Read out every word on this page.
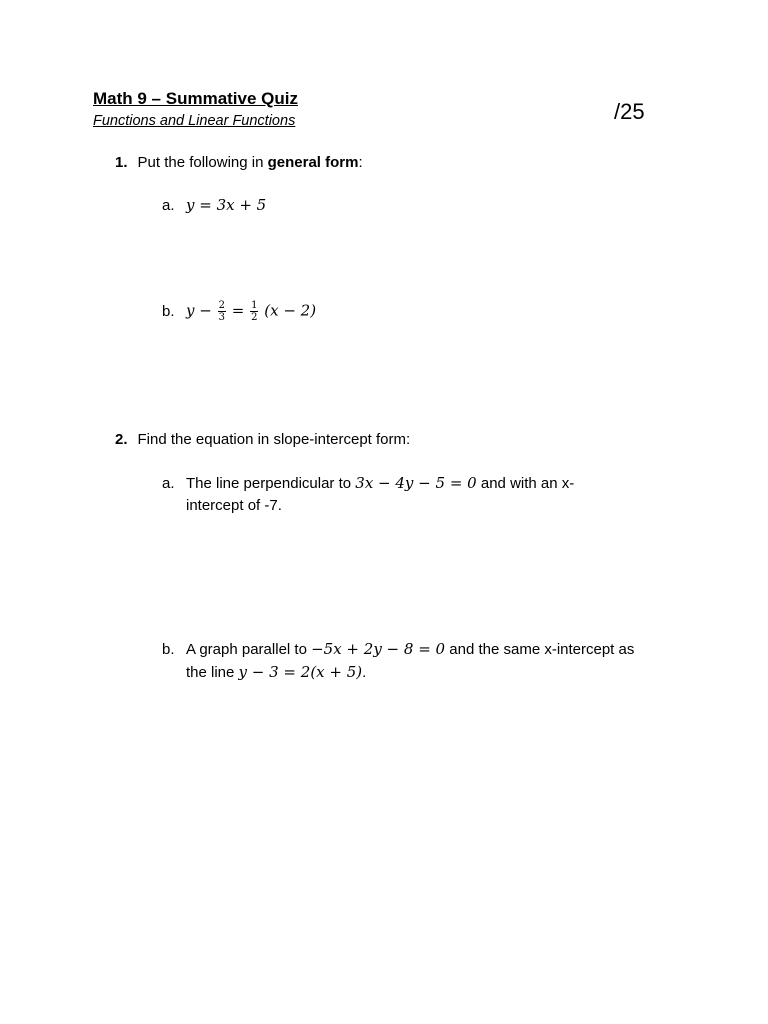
Math 9 – Summative Quiz
Functions and Linear Functions	/25
1. Put the following in general form:
a. y = 3x + 5
b. $y - \frac{2}{3} = \frac{1}{2} (x - 2)$
2. Find the equation in slope-intercept form:
a. The line perpendicular to 3x − 4y − 5 = 0 and with an x-
intercept of -7.
b. A graph parallel to −5x + 2y − 8 = 0 and the same x-intercept as
the line y − 3 = 2(x + 5).
